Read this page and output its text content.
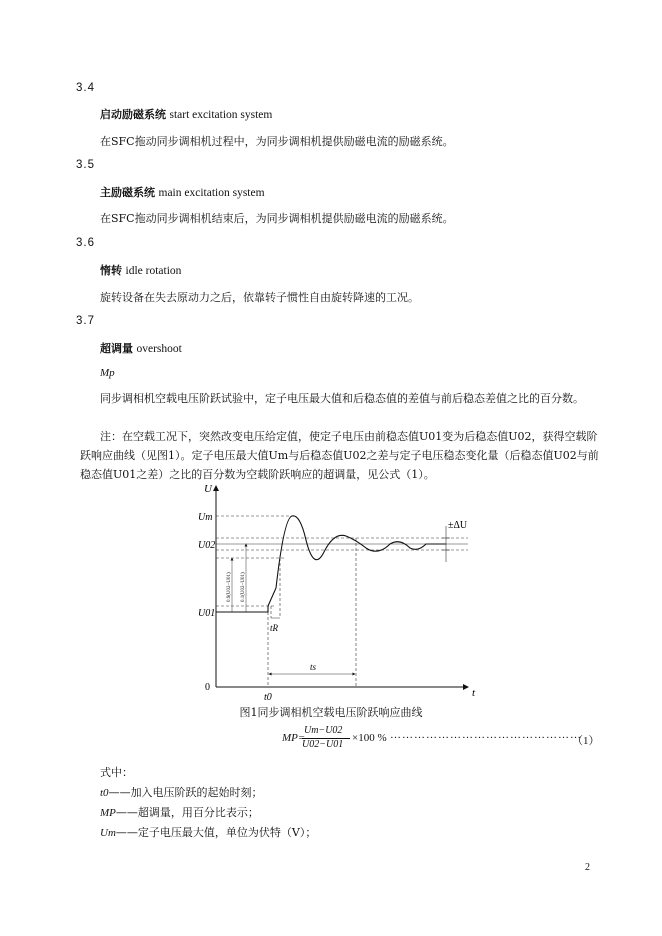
3.4
启动励磁系统 start excitation system
在SFC拖动同步调相机过程中，为同步调相机提供励磁电流的励磁系统。
3.5
主励磁系统 main excitation system
在SFC拖动同步调相机结束后，为同步调相机提供励磁电流的励磁系统。
3.6
惰转 idle rotation
旋转设备在失去原动力之后，依靠转子惯性自由旋转降速的工况。
3.7
超调量 overshoot
Mp
同步调相机空载电压阶跃试验中，定子电压最大值和后稳态值的差值与前后稳态差值之比的百分数。
注：在空载工况下，突然改变电压给定值，使定子电压由前稳态值U01变为后稳态值U02，获得空载阶跃响应曲线（见图1）。定子电压最大值Um与后稳态值U02之差与定子电压稳态变化量（后稳态值U02与前稳态值U01之差）之比的百分数为空载阶跃响应的超调量，见公式（1）。
U
t
0
Um
U02
U01
tR
ts
t0
±ΔU
0.9(U02−U01) 0.1(U02−U01)
图1同步调相机空载电压阶跃响应曲线
MP=
Um−U02
U02−U01
×100 % …………………………………………
（1）
式中：
t0——加入电压阶跃的起始时刻；
MP——超调量，用百分比表示；
Um——定子电压最大值，单位为伏特（V）；
2
